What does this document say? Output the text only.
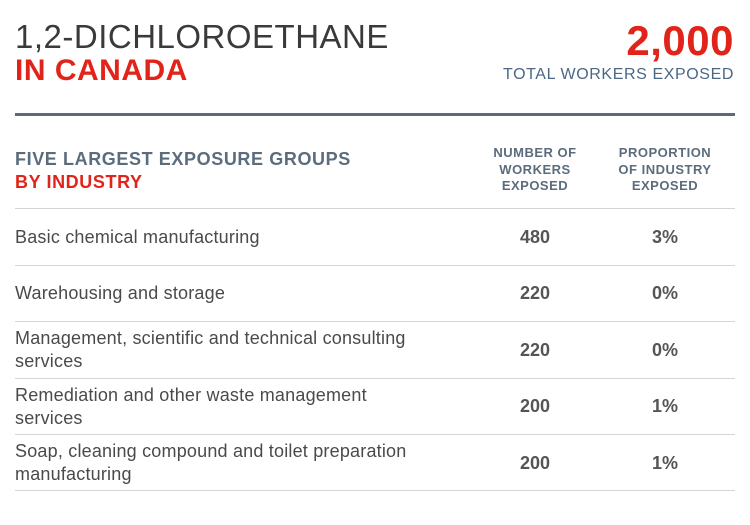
1,2-DICHLOROETHANE
IN CANADA
2,000
TOTAL WORKERS EXPOSED
FIVE LARGEST EXPOSURE GROUPS
BY INDUSTRY
NUMBER OF
WORKERS
EXPOSED
PROPORTION
OF INDUSTRY
EXPOSED
Basic chemical manufacturing	480	3%
Warehousing and storage	220	0%
Management, scientific and technical consulting
services
220	0%
Remediation and other waste management
services
200	1%
Soap, cleaning compound and toilet preparation
manufacturing
200	1%
